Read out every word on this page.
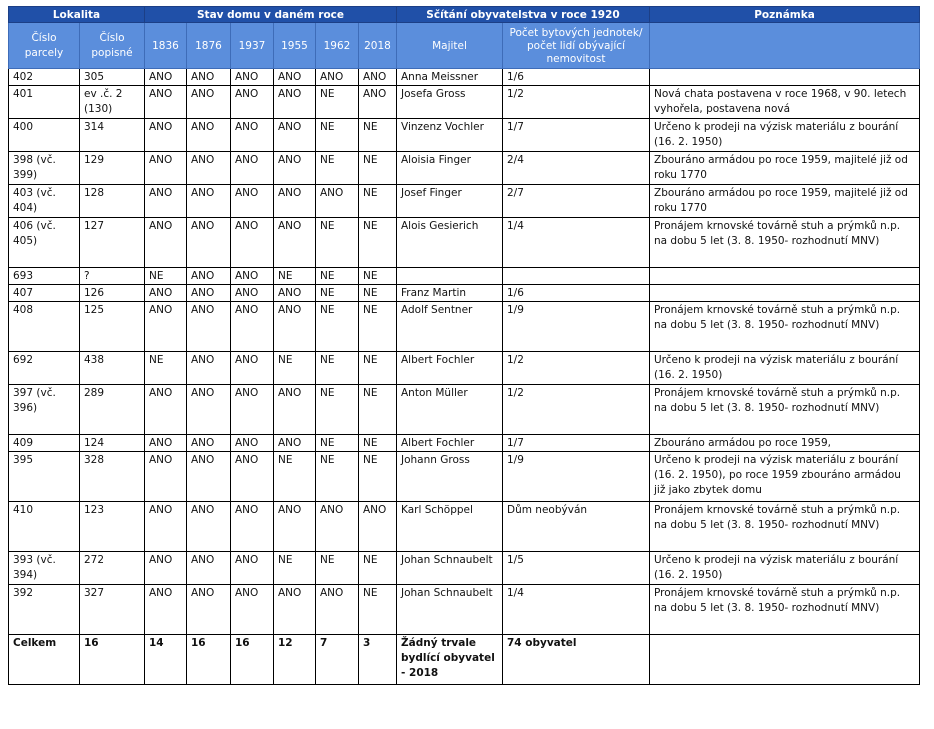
Lokalita		Stav domu v daném roce						Sčítání obyvatelstva v roce 1920		Poznámka
Číslo parcely	Číslo popisné	1836	1876	1937	1955	1962	2018	Majitel	Počet bytových jednotek/ počet lidí obývající nemovitost	
402	305	ANO	ANO	ANO	ANO	ANO	ANO	Anna Meissner	1/6	
401	ev .č. 2 (130)	ANO	ANO	ANO	ANO	NE	ANO	Josefa Gross	1/2	Nová chata postavena v roce 1968, v 90. letech vyhořela, postavena nová
400	314	ANO	ANO	ANO	ANO	NE	NE	Vinzenz Vochler	1/7	Určeno k prodeji na výzisk materiálu z bourání (16. 2. 1950)
398 (vč. 399)	129	ANO	ANO	ANO	ANO	NE	NE	Aloisia Finger	2/4	Zbouráno armádou po roce 1959, majitelé již od roku 1770
403 (vč. 404)	128	ANO	ANO	ANO	ANO	ANO	NE	Josef Finger	2/7	Zbouráno armádou po roce 1959, majitelé již od roku 1770
406 (vč. 405)	127	ANO	ANO	ANO	ANO	NE	NE	Alois Gesierich	1/4	Pronájem krnovské továrně stuh a prýmků n.p. na dobu 5 let (3. 8. 1950- rozhodnutí MNV)
693	?	NE	ANO	ANO	NE	NE	NE			
407	126	ANO	ANO	ANO	ANO	NE	NE	Franz Martin	1/6	
408	125	ANO	ANO	ANO	ANO	NE	NE	Adolf Sentner	1/9	Pronájem krnovské továrně stuh a prýmků n.p. na dobu 5 let (3. 8. 1950- rozhodnutí MNV)
692	438	NE	ANO	ANO	NE	NE	NE	Albert Fochler	1/2	Určeno k prodeji na výzisk materiálu z bourání (16. 2. 1950)
397 (vč. 396)	289	ANO	ANO	ANO	ANO	NE	NE	Anton Müller	1/2	Pronájem krnovské továrně stuh a prýmků n.p. na dobu 5 let (3. 8. 1950- rozhodnutí MNV)
409	124	ANO	ANO	ANO	ANO	NE	NE	Albert Fochler	1/7	Zbouráno armádou po roce 1959,
395	328	ANO	ANO	ANO	NE	NE	NE	Johann Gross	1/9	Určeno k prodeji na výzisk materiálu z bourání (16. 2. 1950), po roce 1959 zbouráno armádou již jako zbytek domu
410	123	ANO	ANO	ANO	ANO	ANO	ANO	Karl Schöppel	Dům neobýván	Pronájem krnovské továrně stuh a prýmků n.p. na dobu 5 let (3. 8. 1950- rozhodnutí MNV)
393 (vč. 394)	272	ANO	ANO	ANO	NE	NE	NE	Johan Schnaubelt	1/5	Určeno k prodeji na výzisk materiálu z bourání (16. 2. 1950)
392	327	ANO	ANO	ANO	ANO	ANO	NE	Johan Schnaubelt	1/4	Pronájem krnovské továrně stuh a prýmků n.p. na dobu 5 let (3. 8. 1950- rozhodnutí MNV)
Celkem	16	14	16	16	12	7	3	Žádný trvale bydlící obyvatel - 2018	74 obyvatel	
